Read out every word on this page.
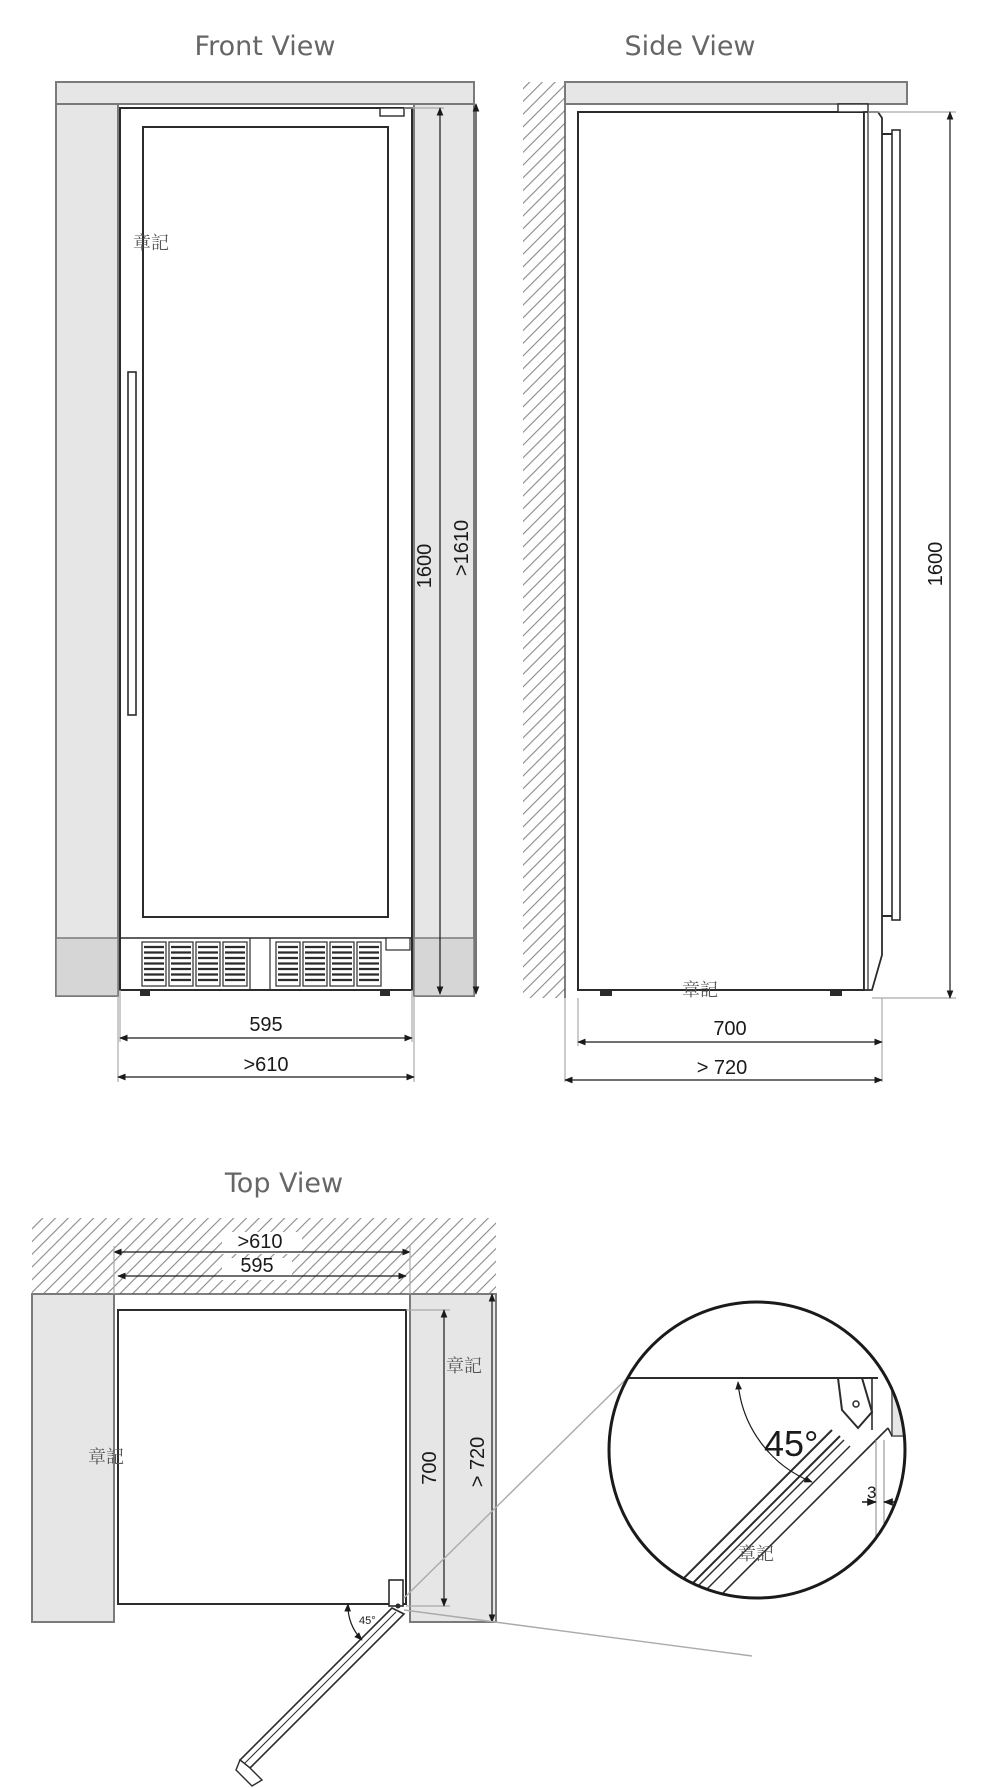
Front View	Side View
Top View
1600 >1610
595
>610
章記
1600
700
> 720
章記
>610
595
45°
700 > 720
章記
章記	45°
3
章記
